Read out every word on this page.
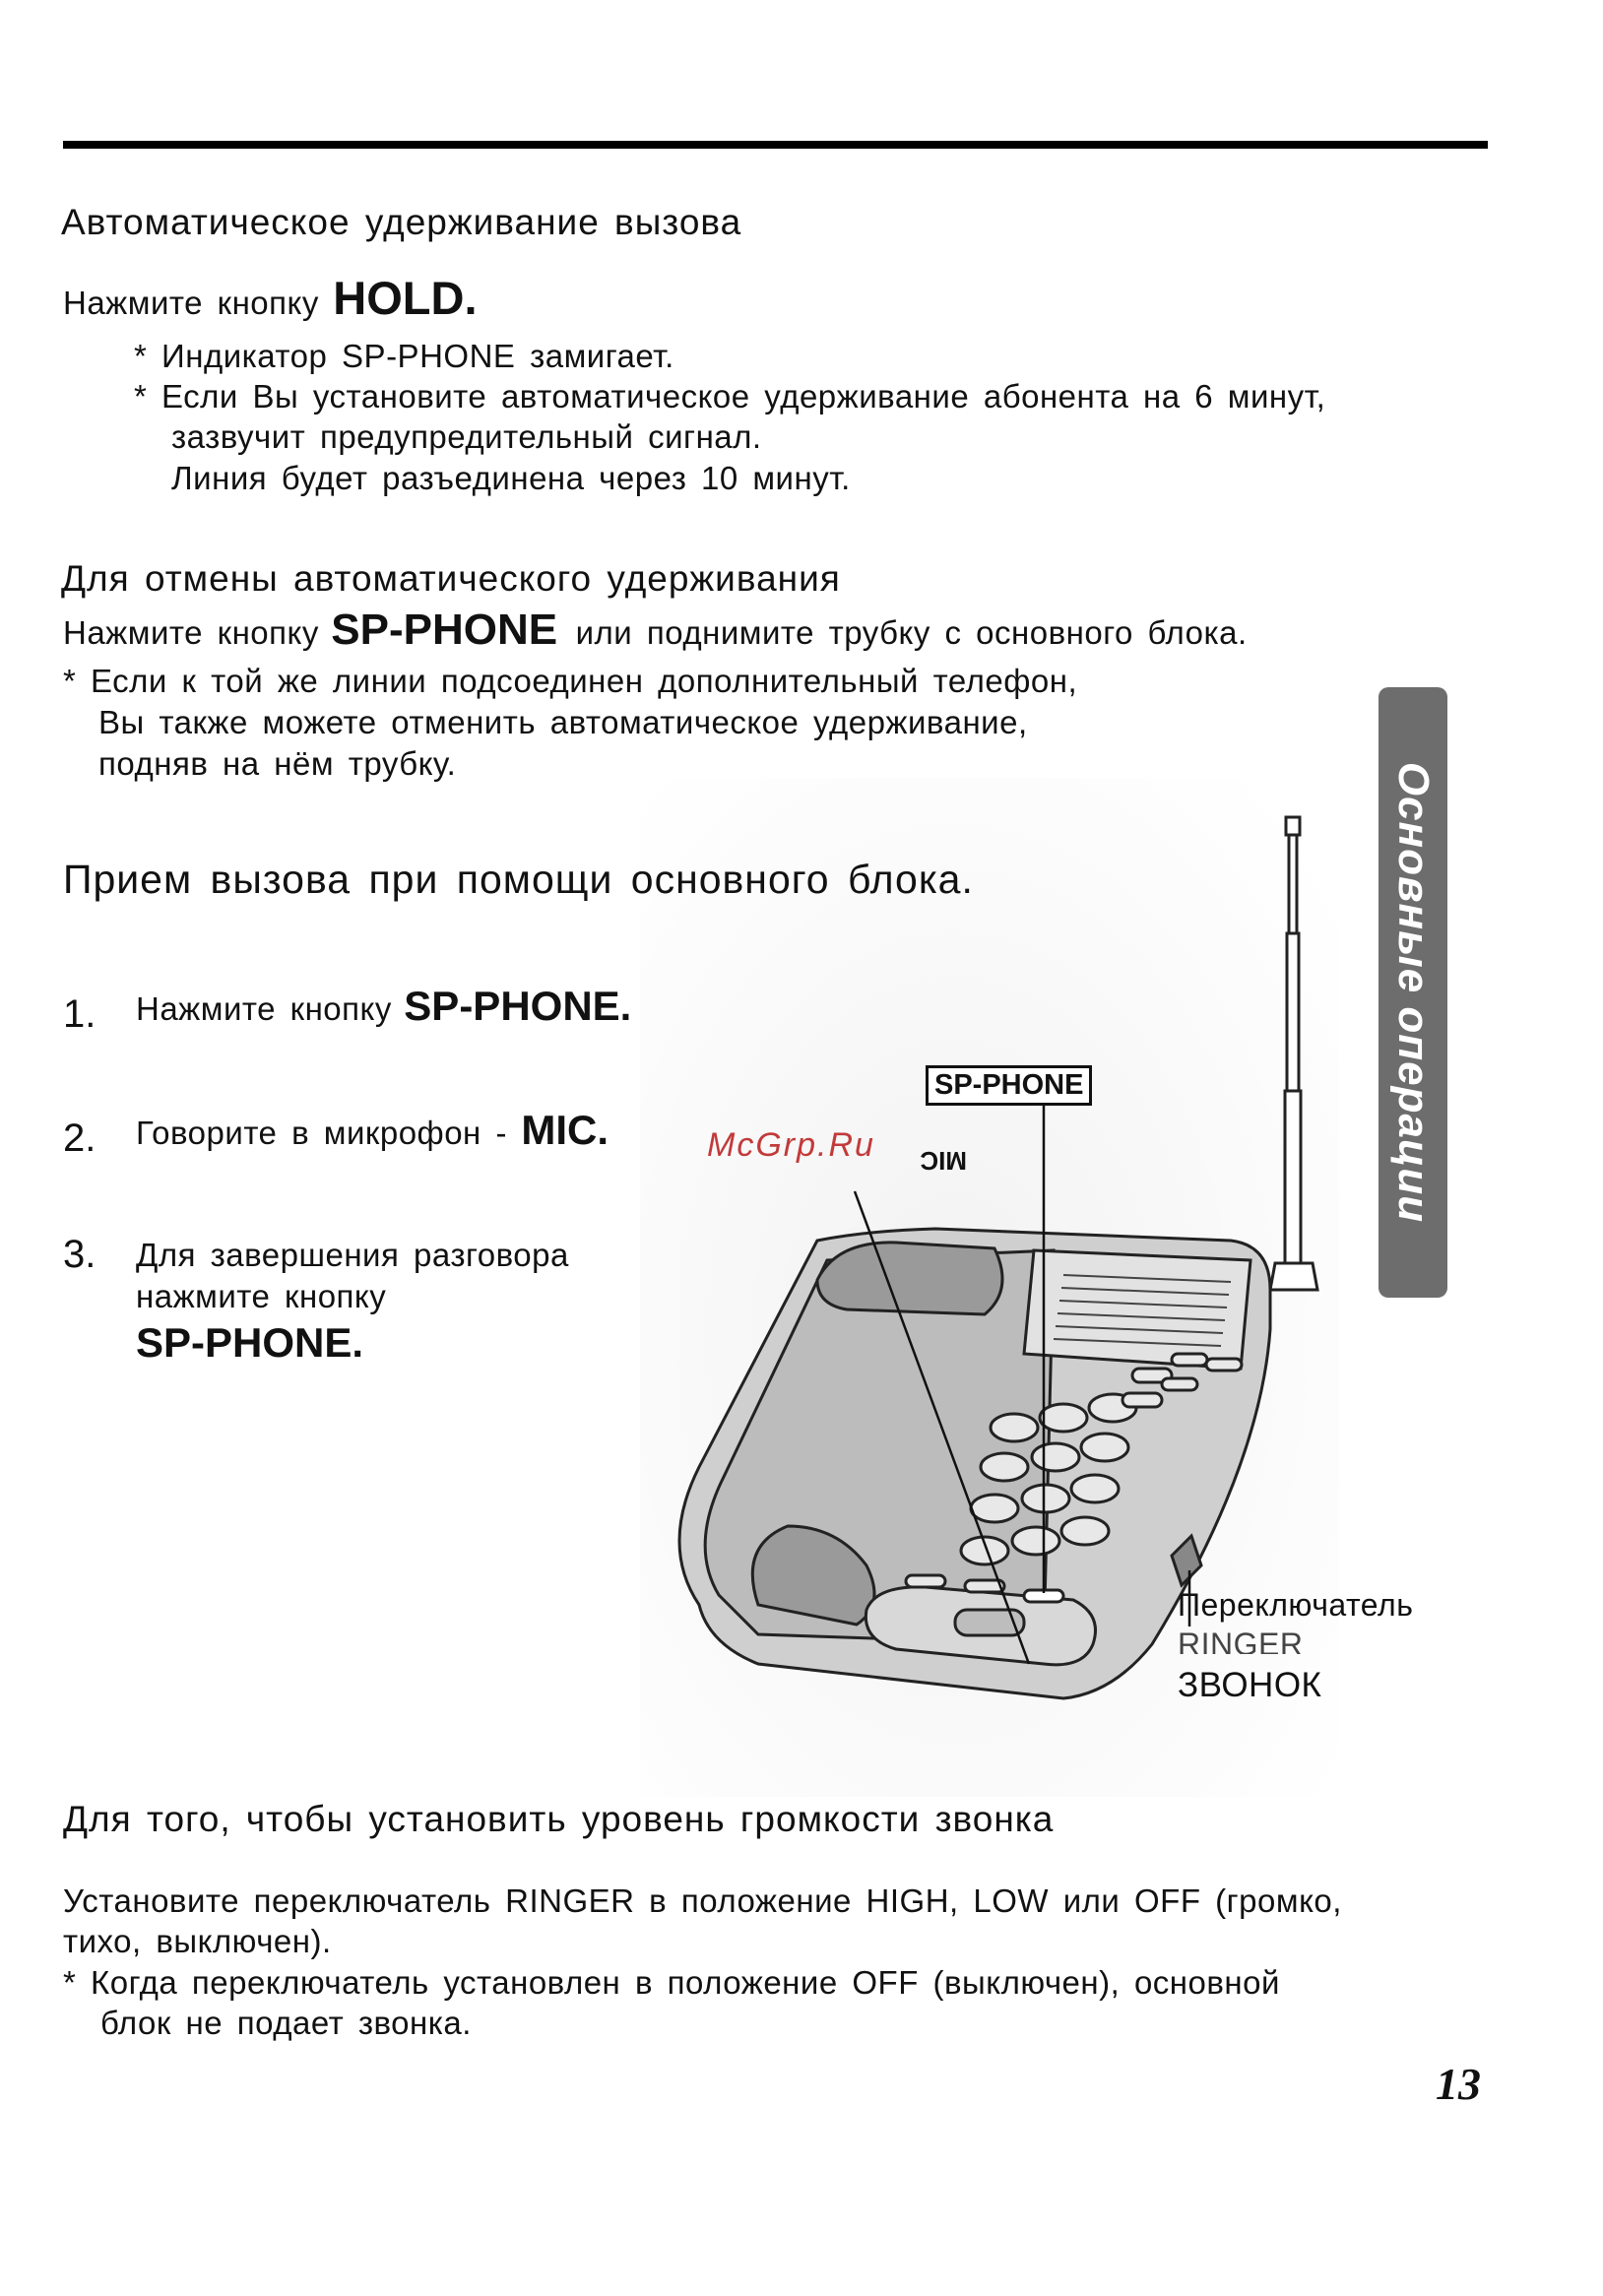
Автоматическое удерживание вызова
Нажмите кнопку HOLD.
* Индикатор SP-PHONE замигает.
* Если Вы установите автоматическое удерживание абонента на 6 минут,
зазвучит предупредительный сигнал.
Линия будет разъединена через 10 минут.
Для отмены автоматического удерживания
Нажмите кнопку SP-PHONE или поднимите трубку с основного блока.
* Если к той же линии подсоединен дополнительный телефон,
Вы также можете отменить автоматическое удерживание,
подняв на нём трубку.	Основные операции
MIC
SP-PHONE
McGrp.Ru
Переключатель
RINGER
ЗВОНОК
Прием вызова при помощи основного блока.
1. Нажмите кнопку SP-PHONE.
2. Говорите в микрофон - MIC.
3. Для завершения разговора
нажмите кнопку
SP-PHONE.
Для того, чтобы установить уровень громкости звонка
Установите переключатель RINGER в положение HIGH, LOW или OFF (громко,
тихо, выключен).
* Когда переключатель установлен в положение OFF (выключен), основной
блок не подает звонка.
13
